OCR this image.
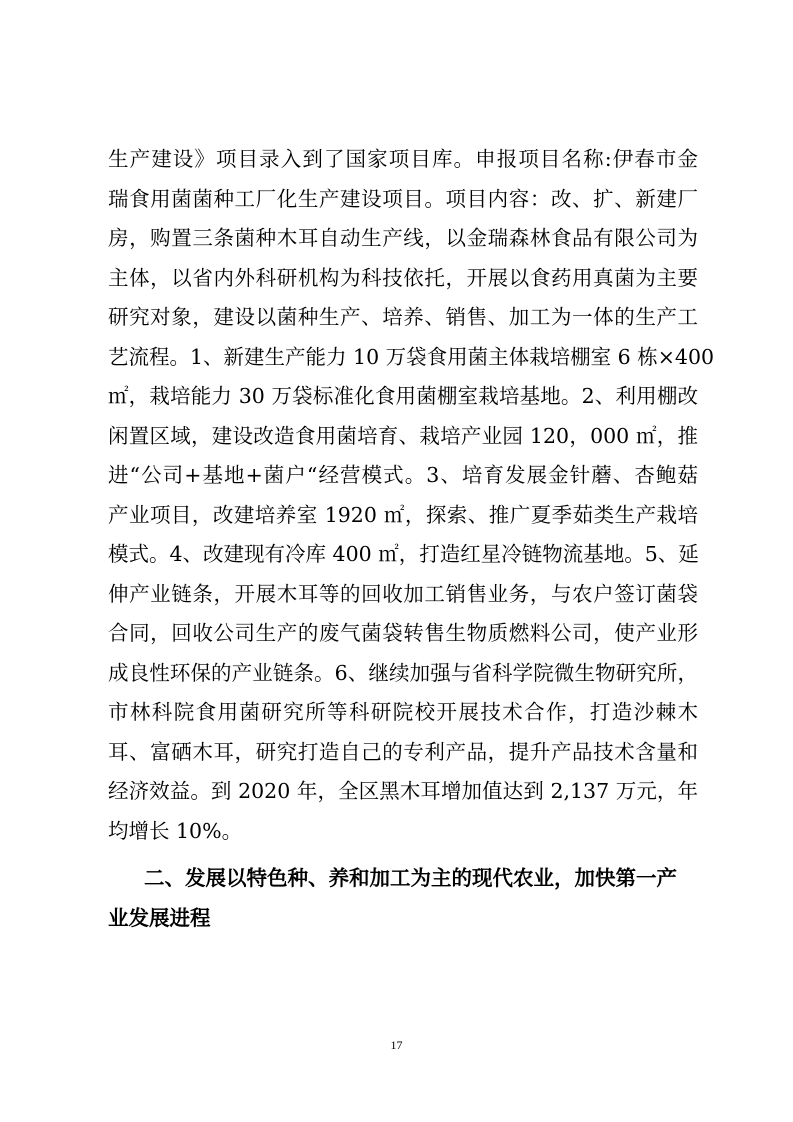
生产建设》项目录入到了国家项目库。申报项目名称:伊春市金
瑞食用菌菌种工厂化生产建设项目。项目内容：改、扩、新建厂
房，购置三条菌种木耳自动生产线，以金瑞森林食品有限公司为
主体，以省内外科研机构为科技依托，开展以食药用真菌为主要
研究对象，建设以菌种生产、培养、销售、加工为一体的生产工
艺流程。1、新建生产能力 10 万袋食用菌主体栽培棚室 6 栋×400
㎡，栽培能力 30 万袋标准化食用菌棚室栽培基地。2、利用棚改
闲置区域，建设改造食用菌培育、栽培产业园 120，000 ㎡，推
进“公司+基地+菌户“经营模式。3、培育发展金针蘑、杏鲍菇
产业项目，改建培养室 1920 ㎡，探索、推广夏季茹类生产栽培
模式。4、改建现有冷库 400 ㎡，打造红星冷链物流基地。5、延
伸产业链条，开展木耳等的回收加工销售业务，与农户签订菌袋
合同，回收公司生产的废气菌袋转售生物质燃料公司，使产业形
成良性环保的产业链条。6、继续加强与省科学院微生物研究所，
市林科院食用菌研究所等科研院校开展技术合作，打造沙棘木
耳、富硒木耳，研究打造自己的专利产品，提升产品技术含量和
经济效益。到 2020 年，全区黑木耳增加值达到 2,137 万元，年
均增长 10%。
二、发展以特色种、养和加工为主的现代农业，加快第一产
业发展进程
17
